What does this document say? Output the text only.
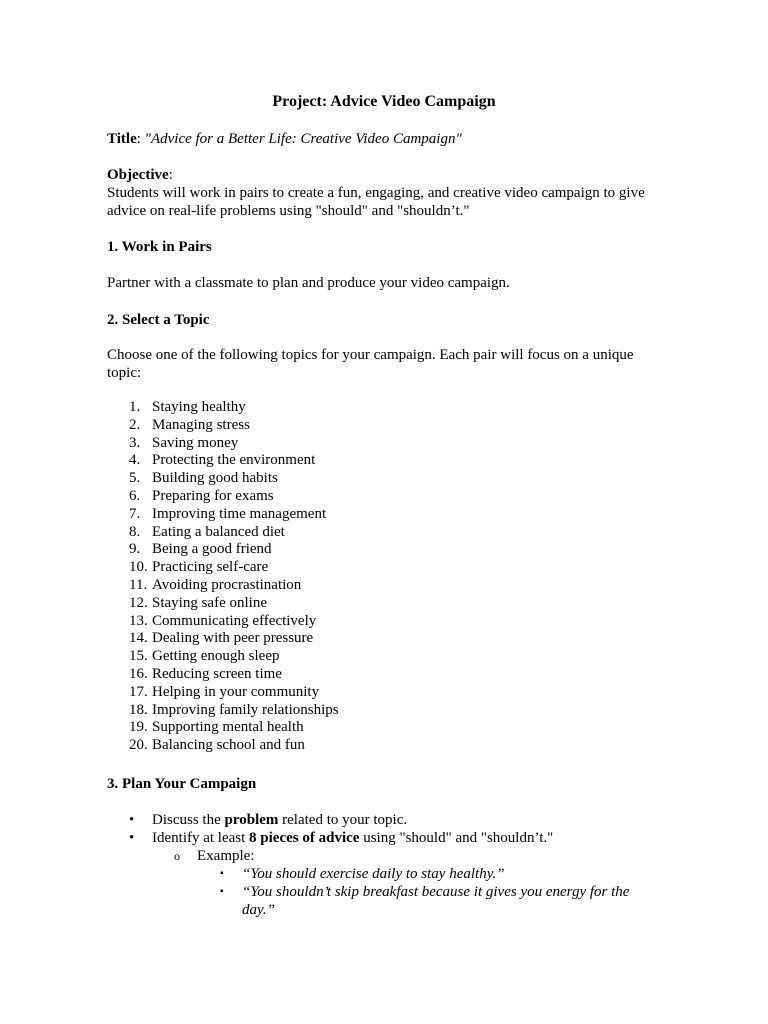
Project: Advice Video Campaign

Title: "Advice for a Better Life: Creative Video Campaign"

Objective:

Students will work in pairs to create a fun, engaging, and creative video campaign to give

advice on real-life problems using "should" and "shouldn’t."

1. Work in Pairs

Partner with a classmate to plan and produce your video campaign.

2. Select a Topic

Choose one of the following topics for your campaign. Each pair will focus on a unique

topic:

1. Staying healthy
2. Managing stress
3. Saving money
4. Protecting the environment
5. Building good habits
6. Preparing for exams
7. Improving time management
8. Eating a balanced diet
9. Being a good friend
10. Practicing self-care
11. Avoiding procrastination
12. Staying safe online
13. Communicating effectively
14. Dealing with peer pressure
15. Getting enough sleep
16. Reducing screen time
17. Helping in your community
18. Improving family relationships
19. Supporting mental health
20. Balancing school and fun

3. Plan Your Campaign

• Discuss the problem related to your topic.
• Identify at least 8 pieces of advice using "should" and "shouldn’t."
o Example:
▪ “You should exercise daily to stay healthy.”
▪ “You shouldn’t skip breakfast because it gives you energy for the
day.”
